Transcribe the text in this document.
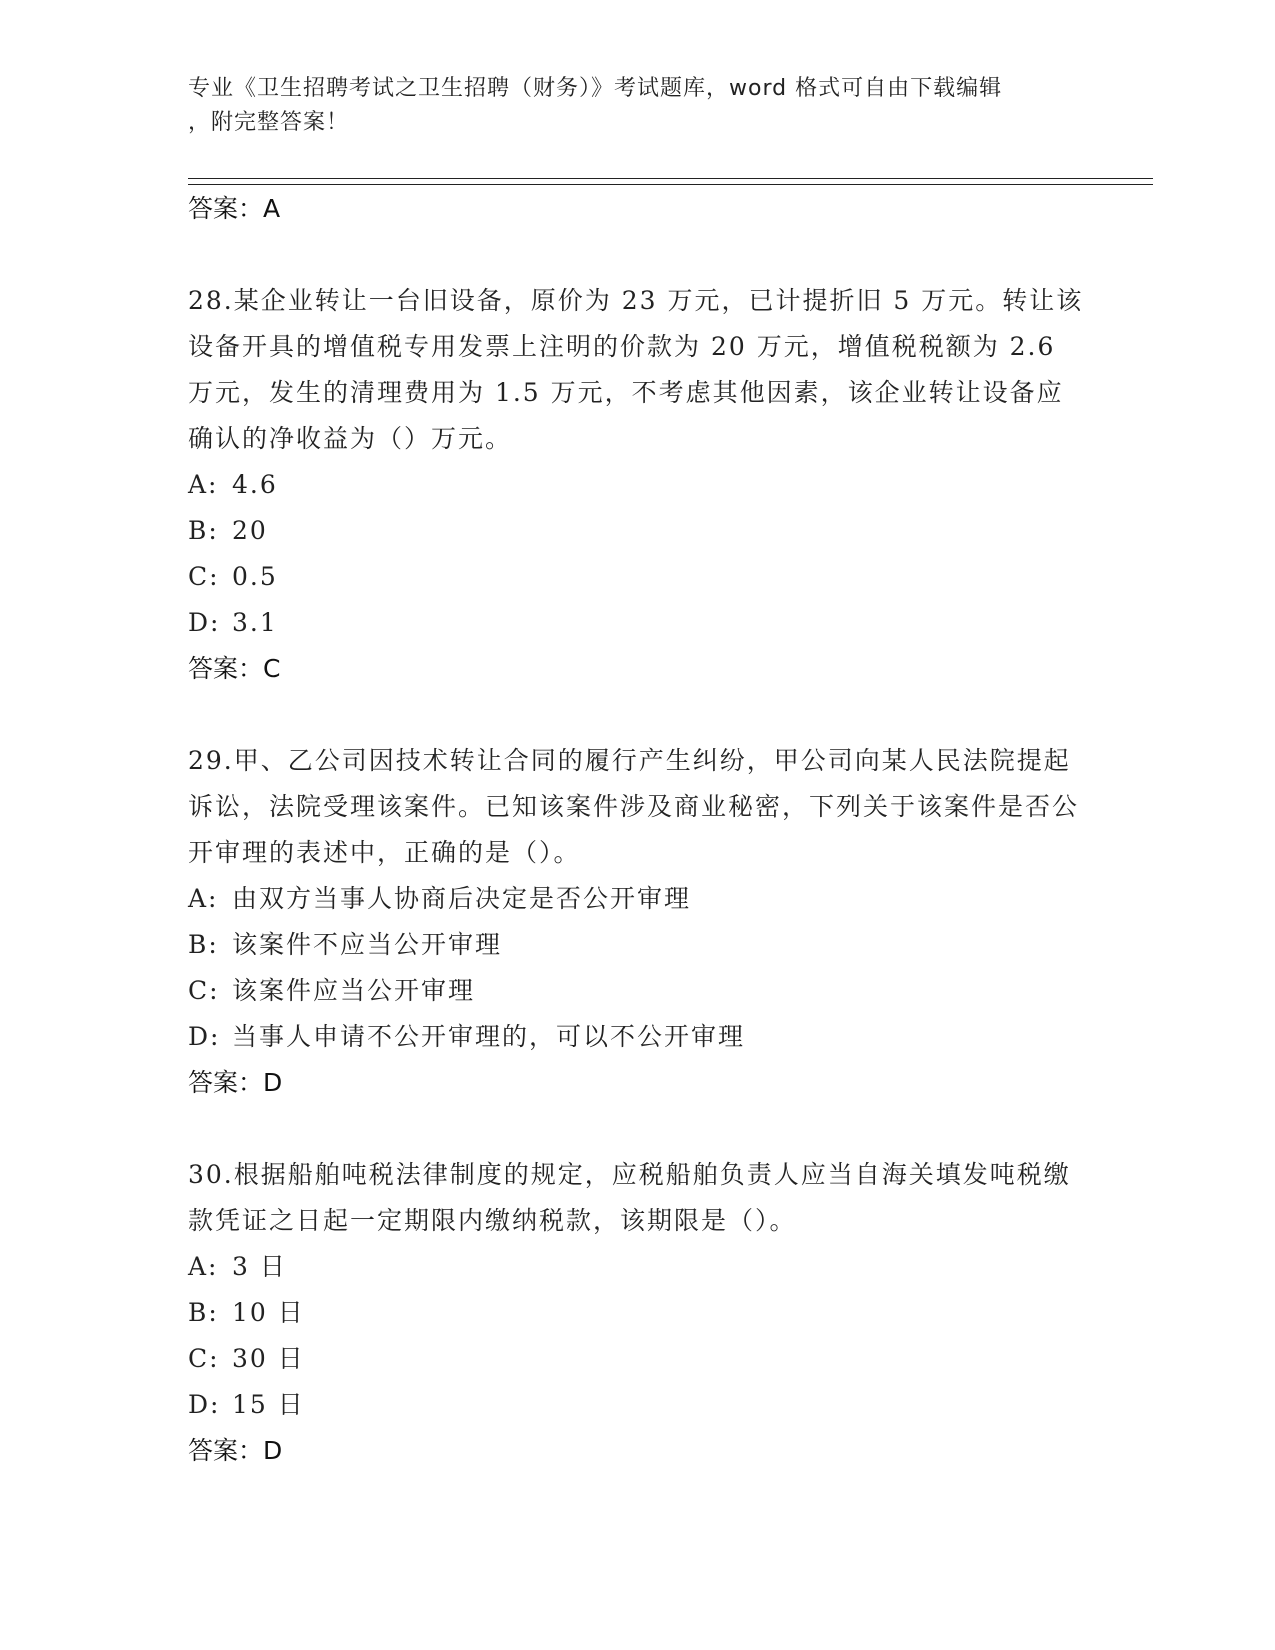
专业《卫生招聘考试之卫生招聘（财务）》考试题库，word 格式可自由下载编辑
，附完整答案！
答案：A
28.某企业转让一台旧设备，原价为 23 万元，已计提折旧 5 万元。转让该设备开具的增值税专用发票上注明的价款为 20 万元，增值税税额为 2.6 万元，发生的清理费用为 1.5 万元，不考虑其他因素，该企业转让设备应确认的净收益为（）万元。
A: 4.6
B: 20
C: 0.5
D: 3.1
答案：C
29.甲、乙公司因技术转让合同的履行产生纠纷，甲公司向某人民法院提起诉讼，法院受理该案件。已知该案件涉及商业秘密，下列关于该案件是否公开审理的表述中，正确的是（）。
A: 由双方当事人协商后决定是否公开审理
B: 该案件不应当公开审理
C: 该案件应当公开审理
D: 当事人申请不公开审理的，可以不公开审理
答案：D
30.根据船舶吨税法律制度的规定，应税船舶负责人应当自海关填发吨税缴款凭证之日起一定期限内缴纳税款，该期限是（）。
A: 3 日
B: 10 日
C: 30 日
D: 15 日
答案：D
